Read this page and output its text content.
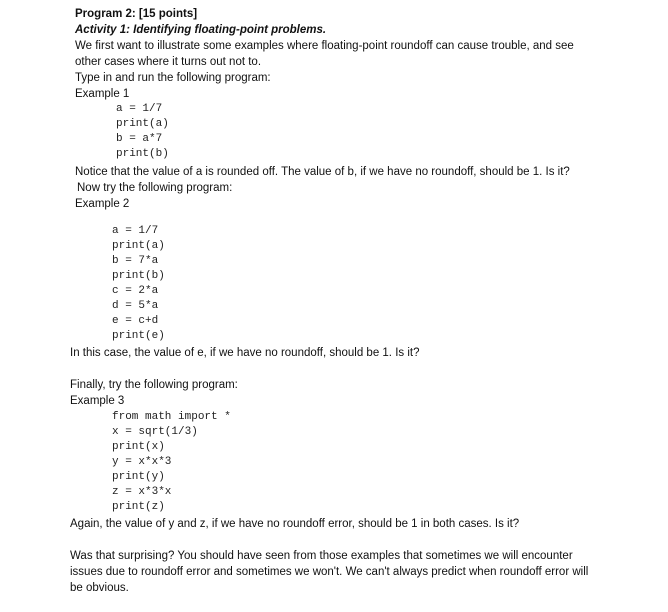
Program 2: [15 points]
Activity 1: Identifying floating-point problems.
We first want to illustrate some examples where floating-point roundoff can cause trouble, and see
other cases where it turns out not to.
Type in and run the following program:
Example 1
a = 1/7
print(a)
b = a*7
print(b)
Notice that the value of a is rounded off. The value of b, if we have no roundoff, should be 1. Is it?
Now try the following program:
Example 2
a = 1/7
print(a)
b = 7*a
print(b)
c = 2*a
d = 5*a
e = c+d
print(e)
In this case, the value of e, if we have no roundoff, should be 1. Is it?
Finally, try the following program:
Example 3
from math import *
x = sqrt(1/3)
print(x)
y = x*x*3
print(y)
z = x*3*x
print(z)
Again, the value of y and z, if we have no roundoff error, should be 1 in both cases. Is it?
Was that surprising? You should have seen from those examples that sometimes we will encounter
issues due to roundoff error and sometimes we won't. We can't always predict when roundoff error will
be obvious.
